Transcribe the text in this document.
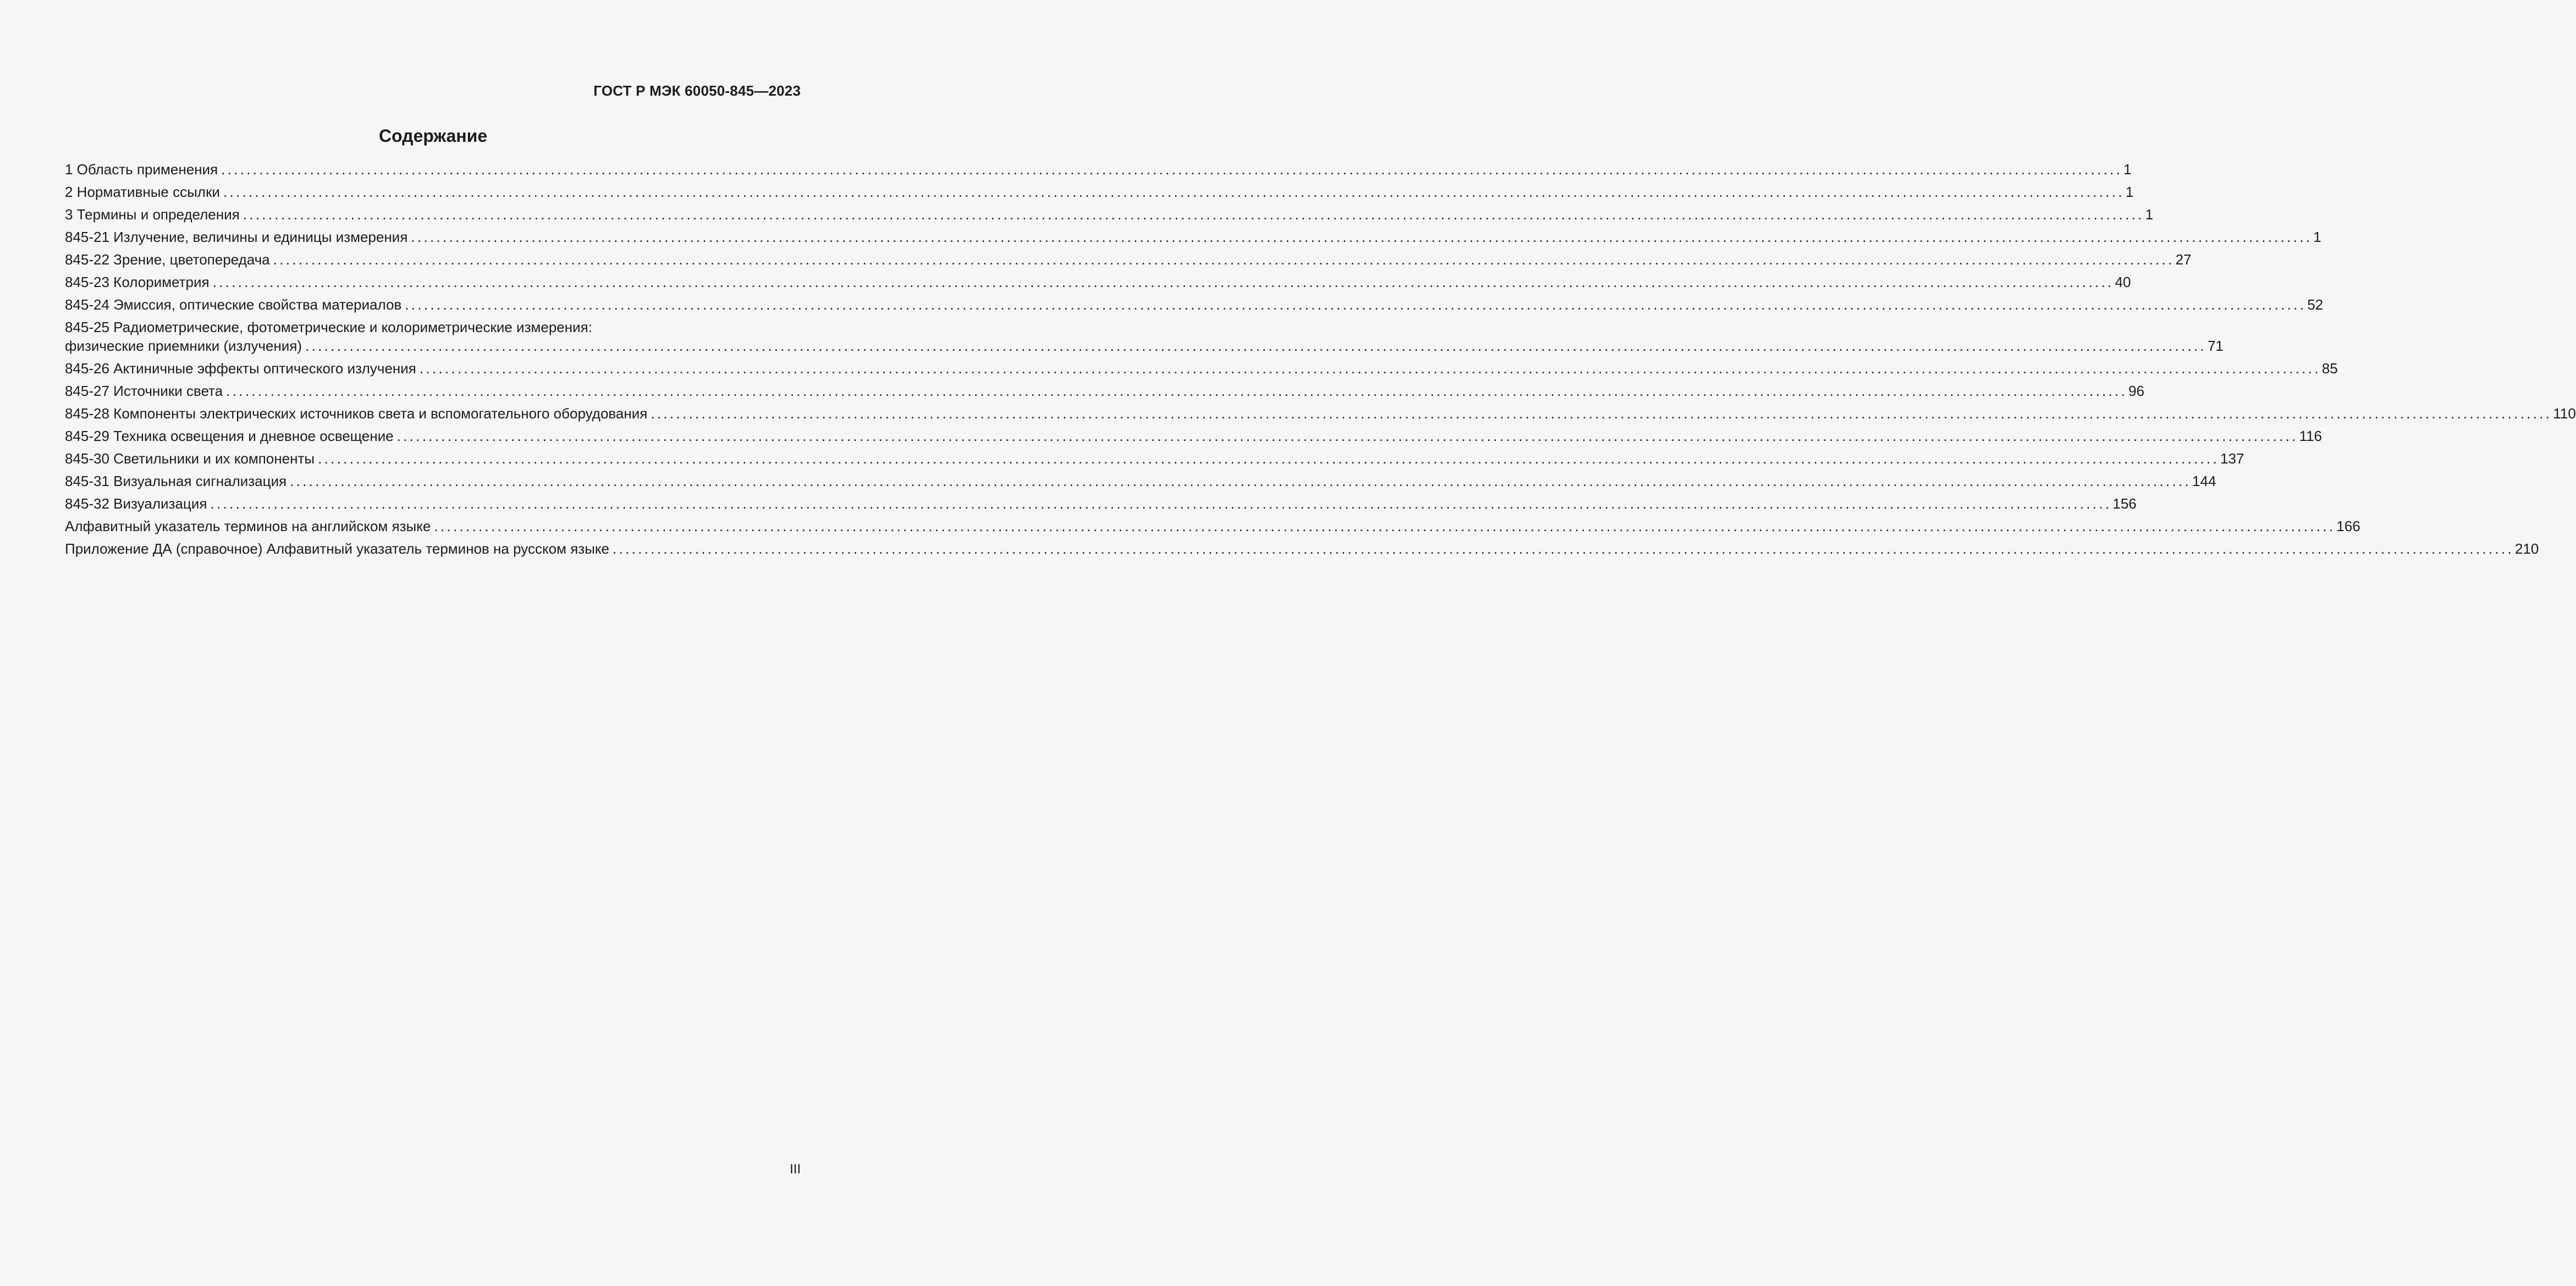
ГОСТ Р МЭК 60050-845—2023
Содержание
1 Область применения ............................................................................................................................................................................................................................................................................................................ 1
2 Нормативные ссылки ............................................................................................................................................................................................................................................................................................................ 1
3 Термины и определения ............................................................................................................................................................................................................................................................................................................ 1
845-21 Излучение, величины и единицы измерения ............................................................................................................................................................................................................................................................................................................ 1
845-22 Зрение, цветопередача ............................................................................................................................................................................................................................................................................................................ 27
845-23 Колориметрия ............................................................................................................................................................................................................................................................................................................ 40
845-24 Эмиссия, оптические свойства материалов ............................................................................................................................................................................................................................................................................................................ 52
845-25 Радиометрические, фотометрические и колориметрические измерения:
физические приемники (излучения) ............................................................................................................................................................................................................................................................................................................ 71
845-26 Актиничные эффекты оптического излучения ............................................................................................................................................................................................................................................................................................................ 85
845-27 Источники света ............................................................................................................................................................................................................................................................................................................ 96
845-28 Компоненты электрических источников света и вспомогательного оборудования ............................................................................................................................................................................................................................................................................................................ 110
845-29 Техника освещения и дневное освещение ............................................................................................................................................................................................................................................................................................................ 116
845-30 Светильники и их компоненты ............................................................................................................................................................................................................................................................................................................ 137
845-31 Визуальная сигнализация ............................................................................................................................................................................................................................................................................................................ 144
845-32 Визуализация ............................................................................................................................................................................................................................................................................................................ 156
Алфавитный указатель терминов на английском языке ............................................................................................................................................................................................................................................................................................................ 166
Приложение ДА (справочное) Алфавитный указатель терминов на русском языке ............................................................................................................................................................................................................................................................................................................ 210
III
